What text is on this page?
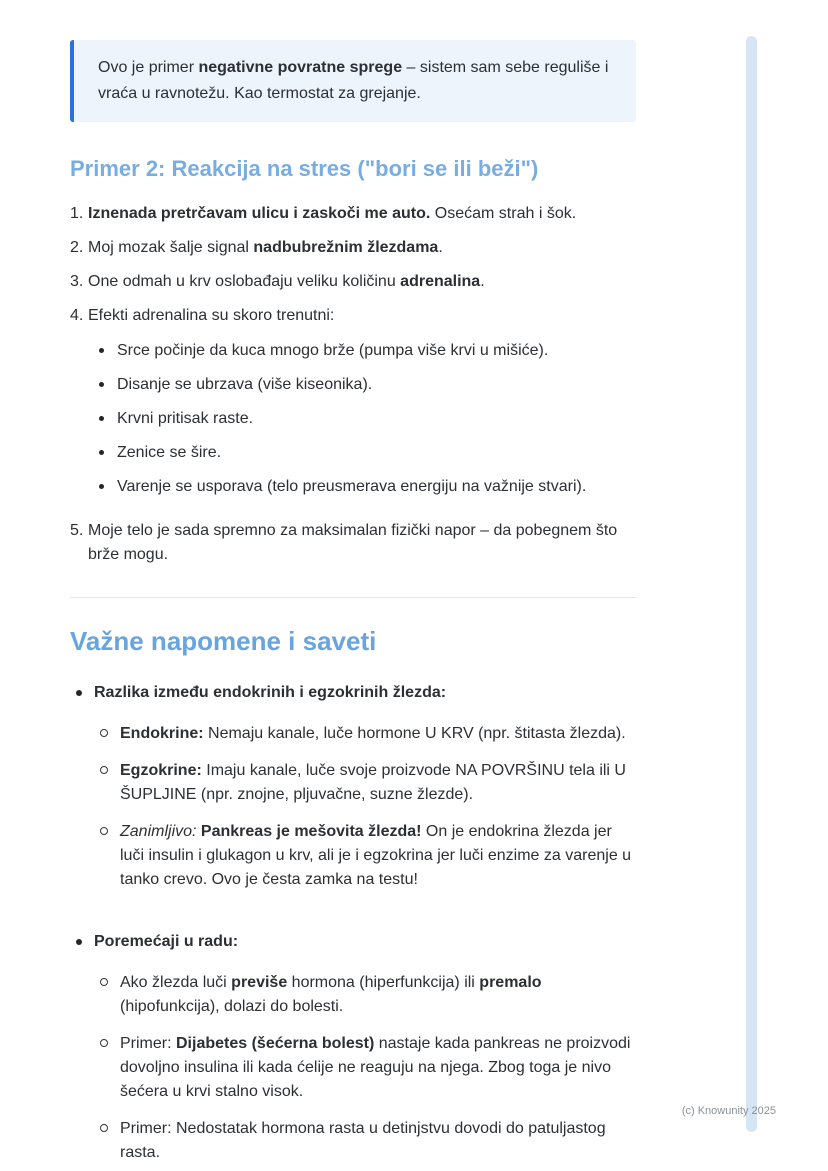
Ovo je primer negativne povratne sprege – sistem sam sebe reguliše i vraća u ravnotežu. Kao termostat za grejanje.

Primer 2: Reakcija na stres ("bori se ili beži")
1. Iznenada pretrčavam ulicu i zaskoči me auto. Osećam strah i šok.

2. Moj mozak šalje signal nadbubrežnim žlezdama.

3. One odmah u krv oslobađaju veliku količinu adrenalina.

4. Efekti adrenalina su skoro trenutni:

Srce počinje da kuca mnogo brže (pumpa više krvi u mišiće).

Disanje se ubrzava (više kiseonika).

Krvni pritisak raste.

Zenice se šire.

Varenje se usporava (telo preusmerava energiju na važnije stvari).

5. Moje telo je sada spremno za maksimalan fizički napor – da pobegnem što brže mogu.

Važne napomene i saveti

Razlika između endokrinih i egzokrinih žlezda:

Endokrine: Nemaju kanale, luče hormone U KRV (npr. štitasta žlezda).

Egzokrine: Imaju kanale, luče svoje proizvode NA POVRŠINU tela ili U ŠUPLJINE (npr. znojne, pljuvačne, suzne žlezde).

Zanimljivo: Pankreas je mešovita žlezda! On je endokrina žlezda jer luči insulin i glukagon u krv, ali je i egzokrina jer luči enzime za varenje u tanko crevo. Ovo je česta zamka na testu!

Poremećaji u radu:

Ako žlezda luči previše hormona (hiperfunkcija) ili premalo (hipofunkcija), dolazi do bolesti.

Primer: Dijabetes (šećerna bolest) nastaje kada pankreas ne proizvodi dovoljno insulina ili kada ćelije ne reaguju na njega. Zbog toga je nivo šećera u krvi stalno visok.

Primer: Nedostatak hormona rasta u detinjstvu dovodi do patuljastog rasta.

(c) Knowunity 2025
